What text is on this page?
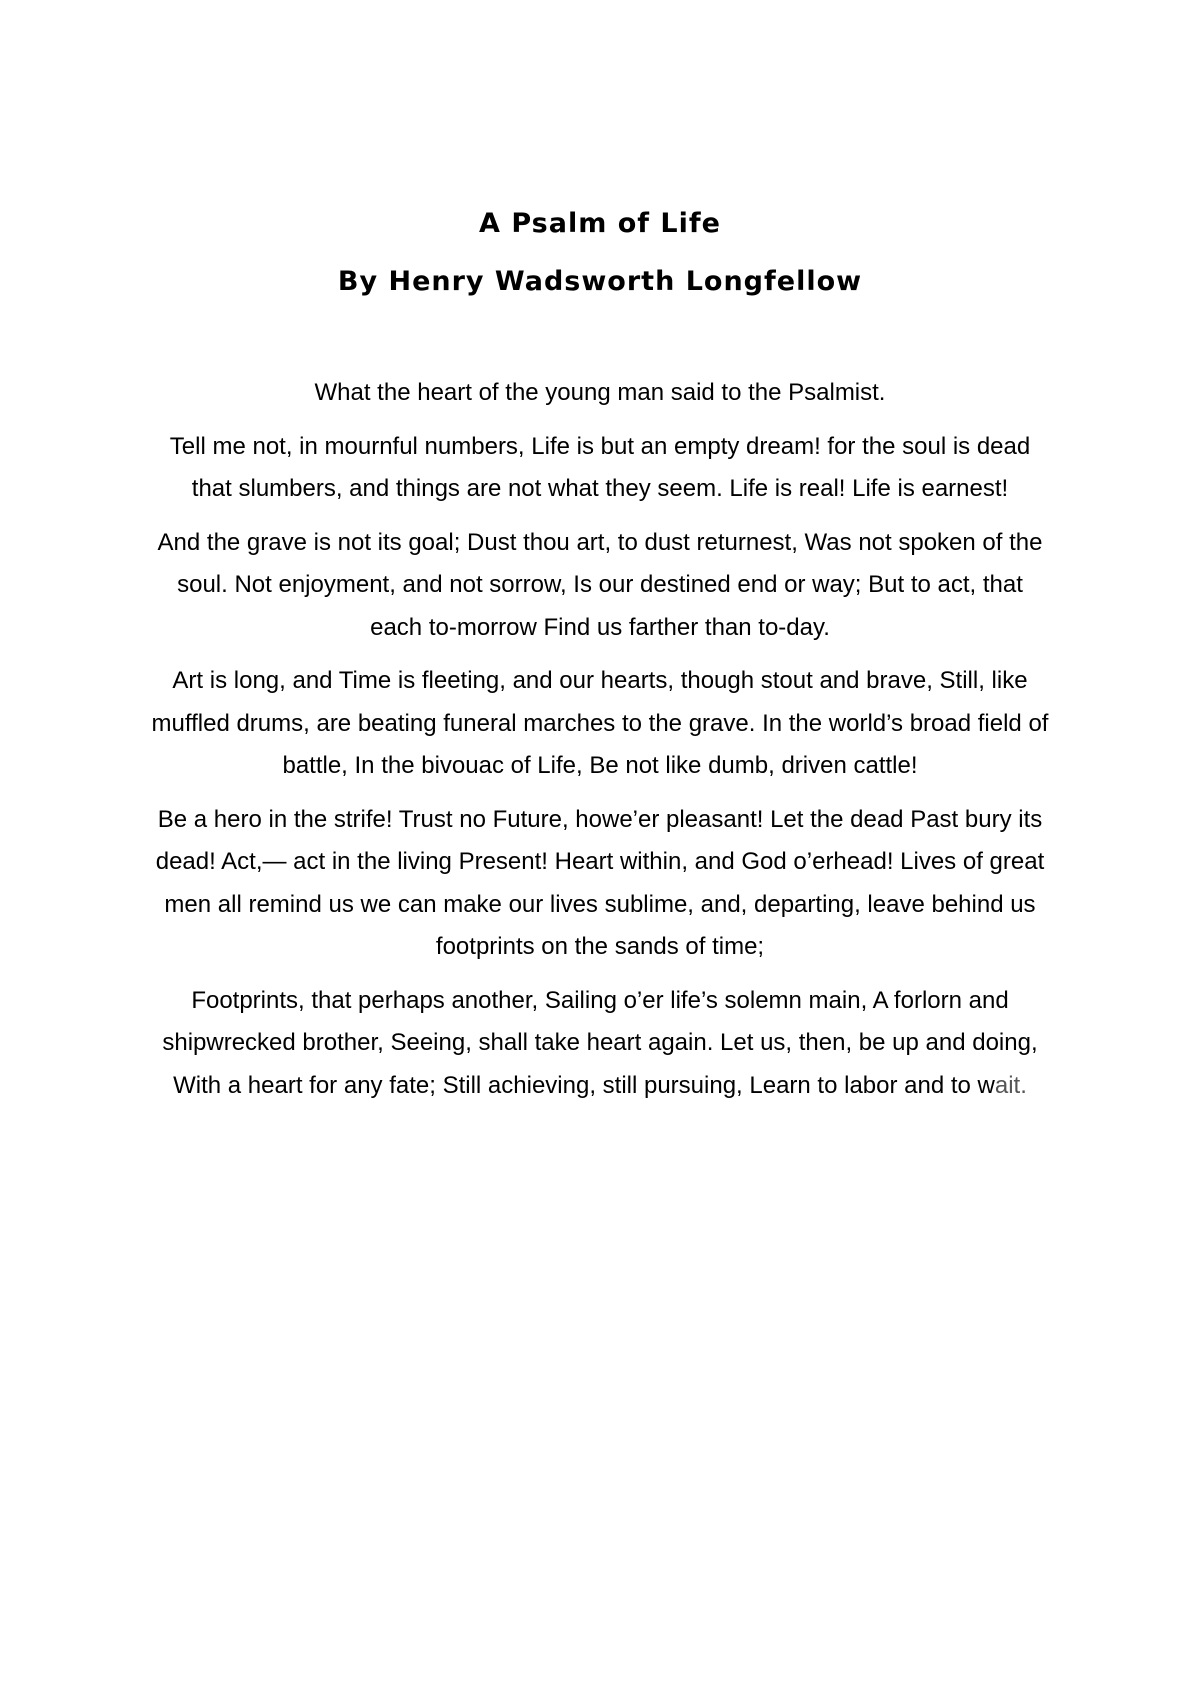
A Psalm of Life
By Henry Wadsworth Longfellow

What the heart of the young man said to the Psalmist.

Tell me not, in mournful numbers, Life is but an empty dream! for the soul is dead that slumbers, and things are not what they seem. Life is real! Life is earnest!

And the grave is not its goal; Dust thou art, to dust returnest, Was not spoken of the soul. Not enjoyment, and not sorrow, Is our destined end or way; But to act, that each to-morrow Find us farther than to-day.

Art is long, and Time is fleeting, and our hearts, though stout and brave, Still, like muffled drums, are beating funeral marches to the grave. In the world’s broad field of battle, In the bivouac of Life, Be not like dumb, driven cattle!

Be a hero in the strife! Trust no Future, howe’er pleasant! Let the dead Past bury its dead! Act,— act in the living Present! Heart within, and God o’erhead! Lives of great men all remind us we can make our lives sublime, and, departing, leave behind us footprints on the sands of time;

Footprints, that perhaps another, Sailing o’er life’s solemn main, A forlorn and shipwrecked brother, Seeing, shall take heart again. Let us, then, be up and doing, With a heart for any fate; Still achieving, still pursuing, Learn to labor and to wait.
